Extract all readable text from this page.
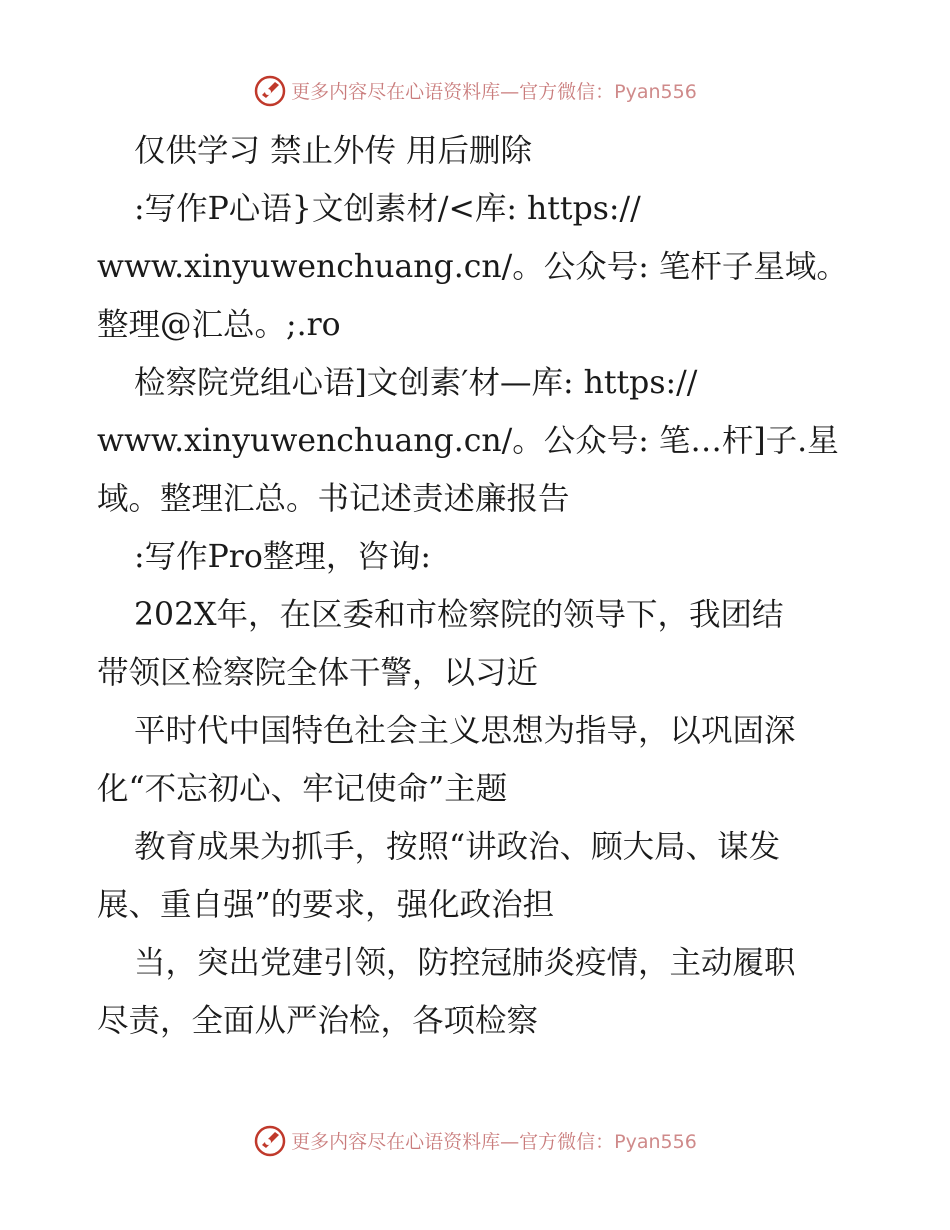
更多内容尽在心语资料库—官方微信：Pyan556

仅供学习 禁止外传 用后删除

:写作P心语}文创素材/<库: https://

www.xinyuwenchuang.cn/。公众号: 笔杆子星域。

整理@汇总。;.ro

检察院党组心语]文创素′材—库: https://

www.xinyuwenchuang.cn/。公众号: 笔…杆]子.星

域。整理汇总。书记述责述廉报告

:写作Pro整理，咨询:

202X年，在区委和市检察院的领导下，我团结

带领区检察院全体干警，以习近

平时代中国特色社会主义思想为指导，以巩固深

化“不忘初心、牢记使命”主题

教育成果为抓手，按照“讲政治、顾大局、谋发

展、重自强”的要求，强化政治担

当，突出党建引领，防控冠肺炎疫情，主动履职

尽责，全面从严治检，各项检察

更多内容尽在心语资料库—官方微信：Pyan556
